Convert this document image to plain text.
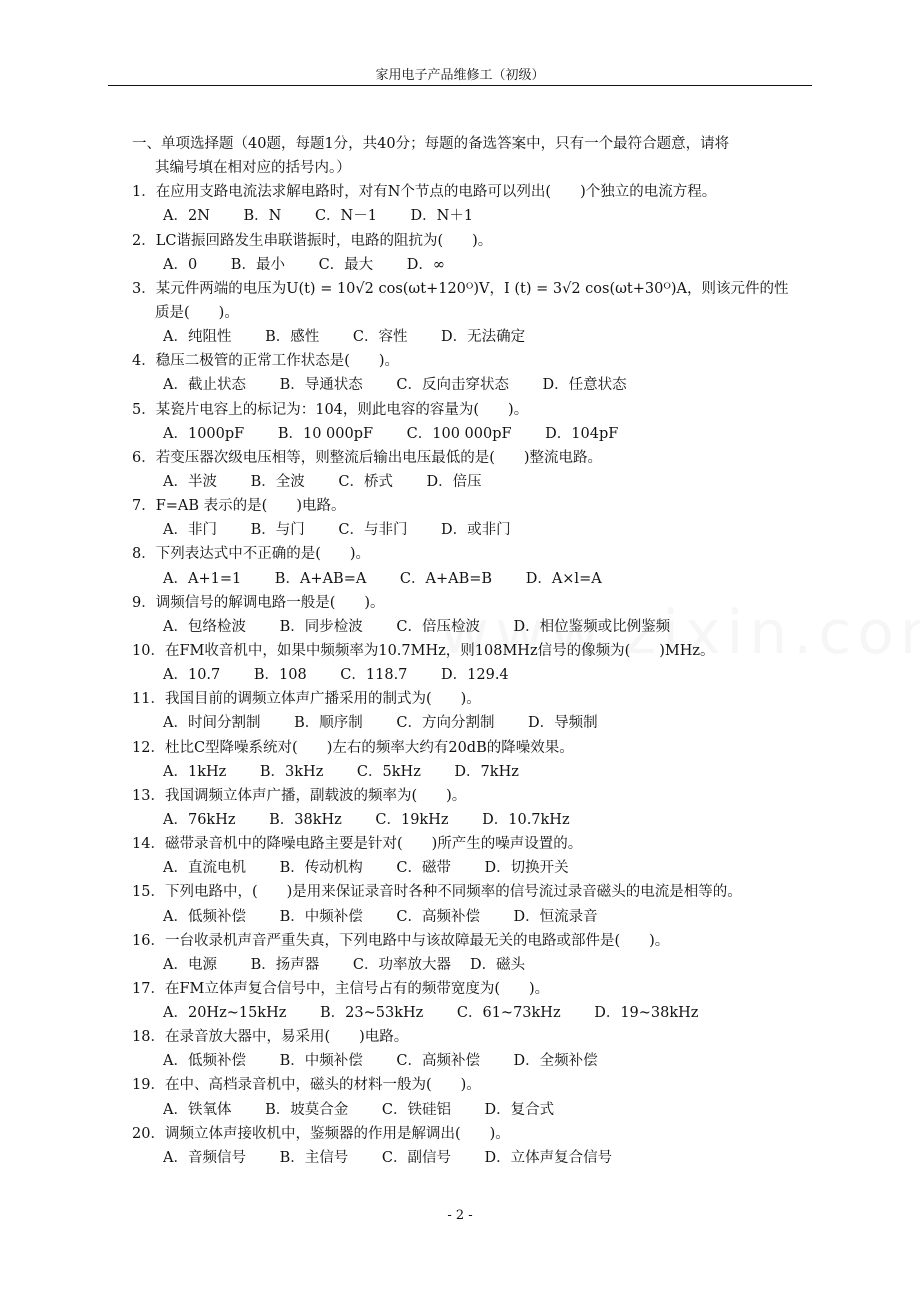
家用电子产品维修工（初级）
一、单项选择题（40题，每题1分，共40分；每题的备选答案中，只有一个最符合题意，请将
其编号填在相对应的括号内。）
1．在应用支路电流法求解电路时，对有N个节点的电路可以列出(　　)个独立的电流方程。
A．2N　　 B．N　　 C．N－1　　 D．N＋1
2．LC谐振回路发生串联谐振时，电路的阻抗为(　　)。
A．0　　 B．最小　　 C．最大　　 D．∞
3．某元件两端的电压为U(t) = 10√2 cos(ωt+120ᴼ)V，I (t) = 3√2 cos(ωt+30ᴼ)A，则该元件的性
质是(　　)。
A．纯阻性　　 B．感性　　 C．容性　　 D．无法确定
4．稳压二极管的正常工作状态是(　　)。
A．截止状态　　 B．导通状态　　 C．反向击穿状态　　 D．任意状态
5．某瓷片电容上的标记为：104，则此电容的容量为(　　)。
A．1000pF　　 B．10 000pF　　 C．100 000pF　　 D．104pF
6．若变压器次级电压相等，则整流后输出电压最低的是(　　)整流电路。
A．半波　　 B．全波　　 C．桥式　　 D．倍压
7．F=AB 表示的是(　　)电路。
A．非门　　 B．与门　　 C．与非门　　 D．或非门
8．下列表达式中不正确的是(　　)。
A．A+1=1　　 B．A+AB=A　　 C．A+AB=B　　 D．A×l=A
9．调频信号的解调电路一般是(　　)。
A．包络检波　　 B．同步检波　　 C．倍压检波　　 D．相位鉴频或比例鉴频
10．在FM收音机中，如果中频频率为10.7MHz，则108MHz信号的像频为(　　)MHz。
A．10.7　　 B．108　　 C．118.7　　 D．129.4
11．我国目前的调频立体声广播采用的制式为(　　)。
A．时间分割制　　 B．顺序制　　 C．方向分割制　　 D．导频制
12．杜比C型降噪系统对(　　)左右的频率大约有20dB的降噪效果。
A．1kHz　　 B．3kHz　　 C．5kHz　　 D．7kHz
13．我国调频立体声广播，副载波的频率为(　　)。
A．76kHz　　 B．38kHz　　 C．19kHz　　 D．10.7kHz
14．磁带录音机中的降噪电路主要是针对(　　)所产生的噪声设置的。
A．直流电机　　 B．传动机构　　 C．磁带　　 D．切换开关
15．下列电路中，(　　)是用来保证录音时各种不同频率的信号流过录音磁头的电流是相等的。
A．低频补偿　　 B．中频补偿　　 C．高频补偿　　 D．恒流录音
16．一台收录机声音严重失真，下列电路中与该故障最无关的电路或部件是(　　)。
A．电源　　 B．扬声器　　 C．功率放大器　 D．磁头
17．在FM立体声复合信号中，主信号占有的频带宽度为(　　)。
A．20Hz~15kHz　　 B．23~53kHz　　 C．61~73kHz　　 D．19~38kHz
18．在录音放大器中，易采用(　　)电路。
A．低频补偿　　 B．中频补偿　　 C．高频补偿　　 D．全频补偿
19．在中、高档录音机中，磁头的材料一般为(　　)。
A．铁氧体　　 B．坡莫合金　　 C．铁硅铝　　 D．复合式
20．调频立体声接收机中，鉴频器的作用是解调出(　　)。
A．音频信号　　 B．主信号　　 C．副信号　　 D．立体声复合信号
- 2 -
